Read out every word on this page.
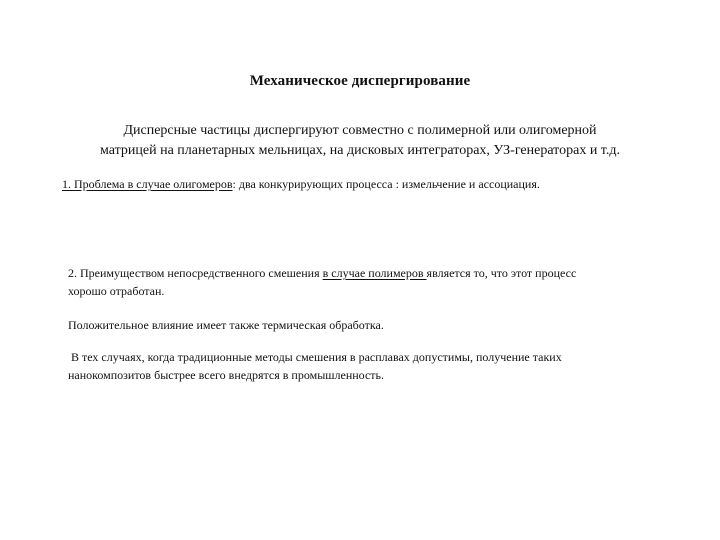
Механическое диспергирование
Дисперсные частицы диспергируют совместно с полимерной или олигомерной
матрицей на планетарных мельницах, на дисковых интеграторах, УЗ-генераторах и т.д.
1. Проблема в случае олигомеров: два конкурирующих процесса : измельчение и ассоциация.
2. Преимуществом непосредственного смешения в случае полимеров является то, что этот процесс
хорошо отработан.
Положительное влияние имеет также термическая обработка.
В тех случаях, когда традиционные методы смешения в расплавах допустимы, получение таких
нанокомпозитов быстрее всего внедрятся в промышленность.
